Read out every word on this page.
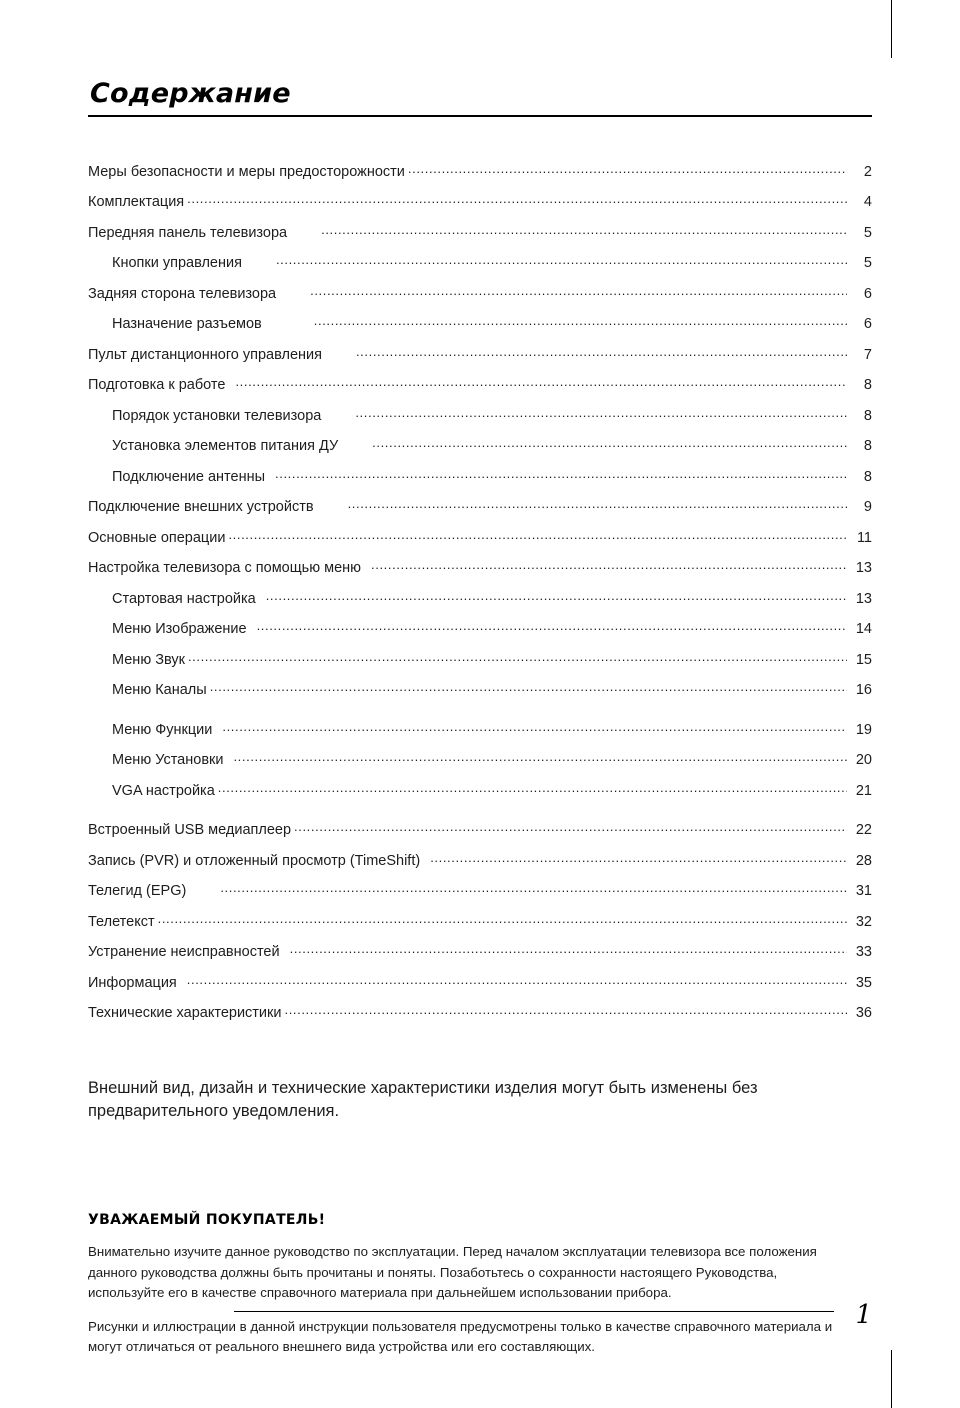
Содержание
Меры безопасности и меры предосторожности .....	2
Комплектация .....	4
Передняя панель телевизора .....	5
Кнопки управления .....	5
Задняя сторона телевизора .....	6
Назначение разъемов .....	6
Пульт дистанционного управления .....	7
Подготовка к работе .....	8
Порядок установки телевизора .....	8
Установка элементов питания ДУ .....	8
Подключение антенны .....	8
Подключение внешних устройств .....	9
Основные операции .....	11
Настройка телевизора с помощью меню .....	13
Стартовая настройка .....	13
Меню Изображение .....	14
Меню Звук .....	15
Меню Каналы .....	16
Меню Функции .....	19
Меню Установки .....	20
VGA настройка .....	21
Встроенный USB медиаплеер .....	22
Запись (PVR) и отложенный просмотр (TimeShift) .....	28
Телегид (EPG) .....	31
Телетекст .....	32
Устранение неисправностей .....	33
Информация .....	35
Технические характеристики .....	36
Внешний вид, дизайн и технические характеристики изделия могут быть изменены без предварительного уведомления.
УВАЖАЕМЫЙ ПОКУПАТЕЛЬ!

Внимательно изучите данное руководство по эксплуатации. Перед началом эксплуатации телевизора все положения данного руководства должны быть прочитаны и поняты. Позаботьтесь о сохранности настоящего Руководства, используйте его в качестве справочного материала при дальнейшем использовании прибора.

Рисунки и иллюстрации в данной инструкции пользователя предусмотрены только в качестве справочного материала и могут отличаться от реального внешнего вида устройства или его составляющих.

1
